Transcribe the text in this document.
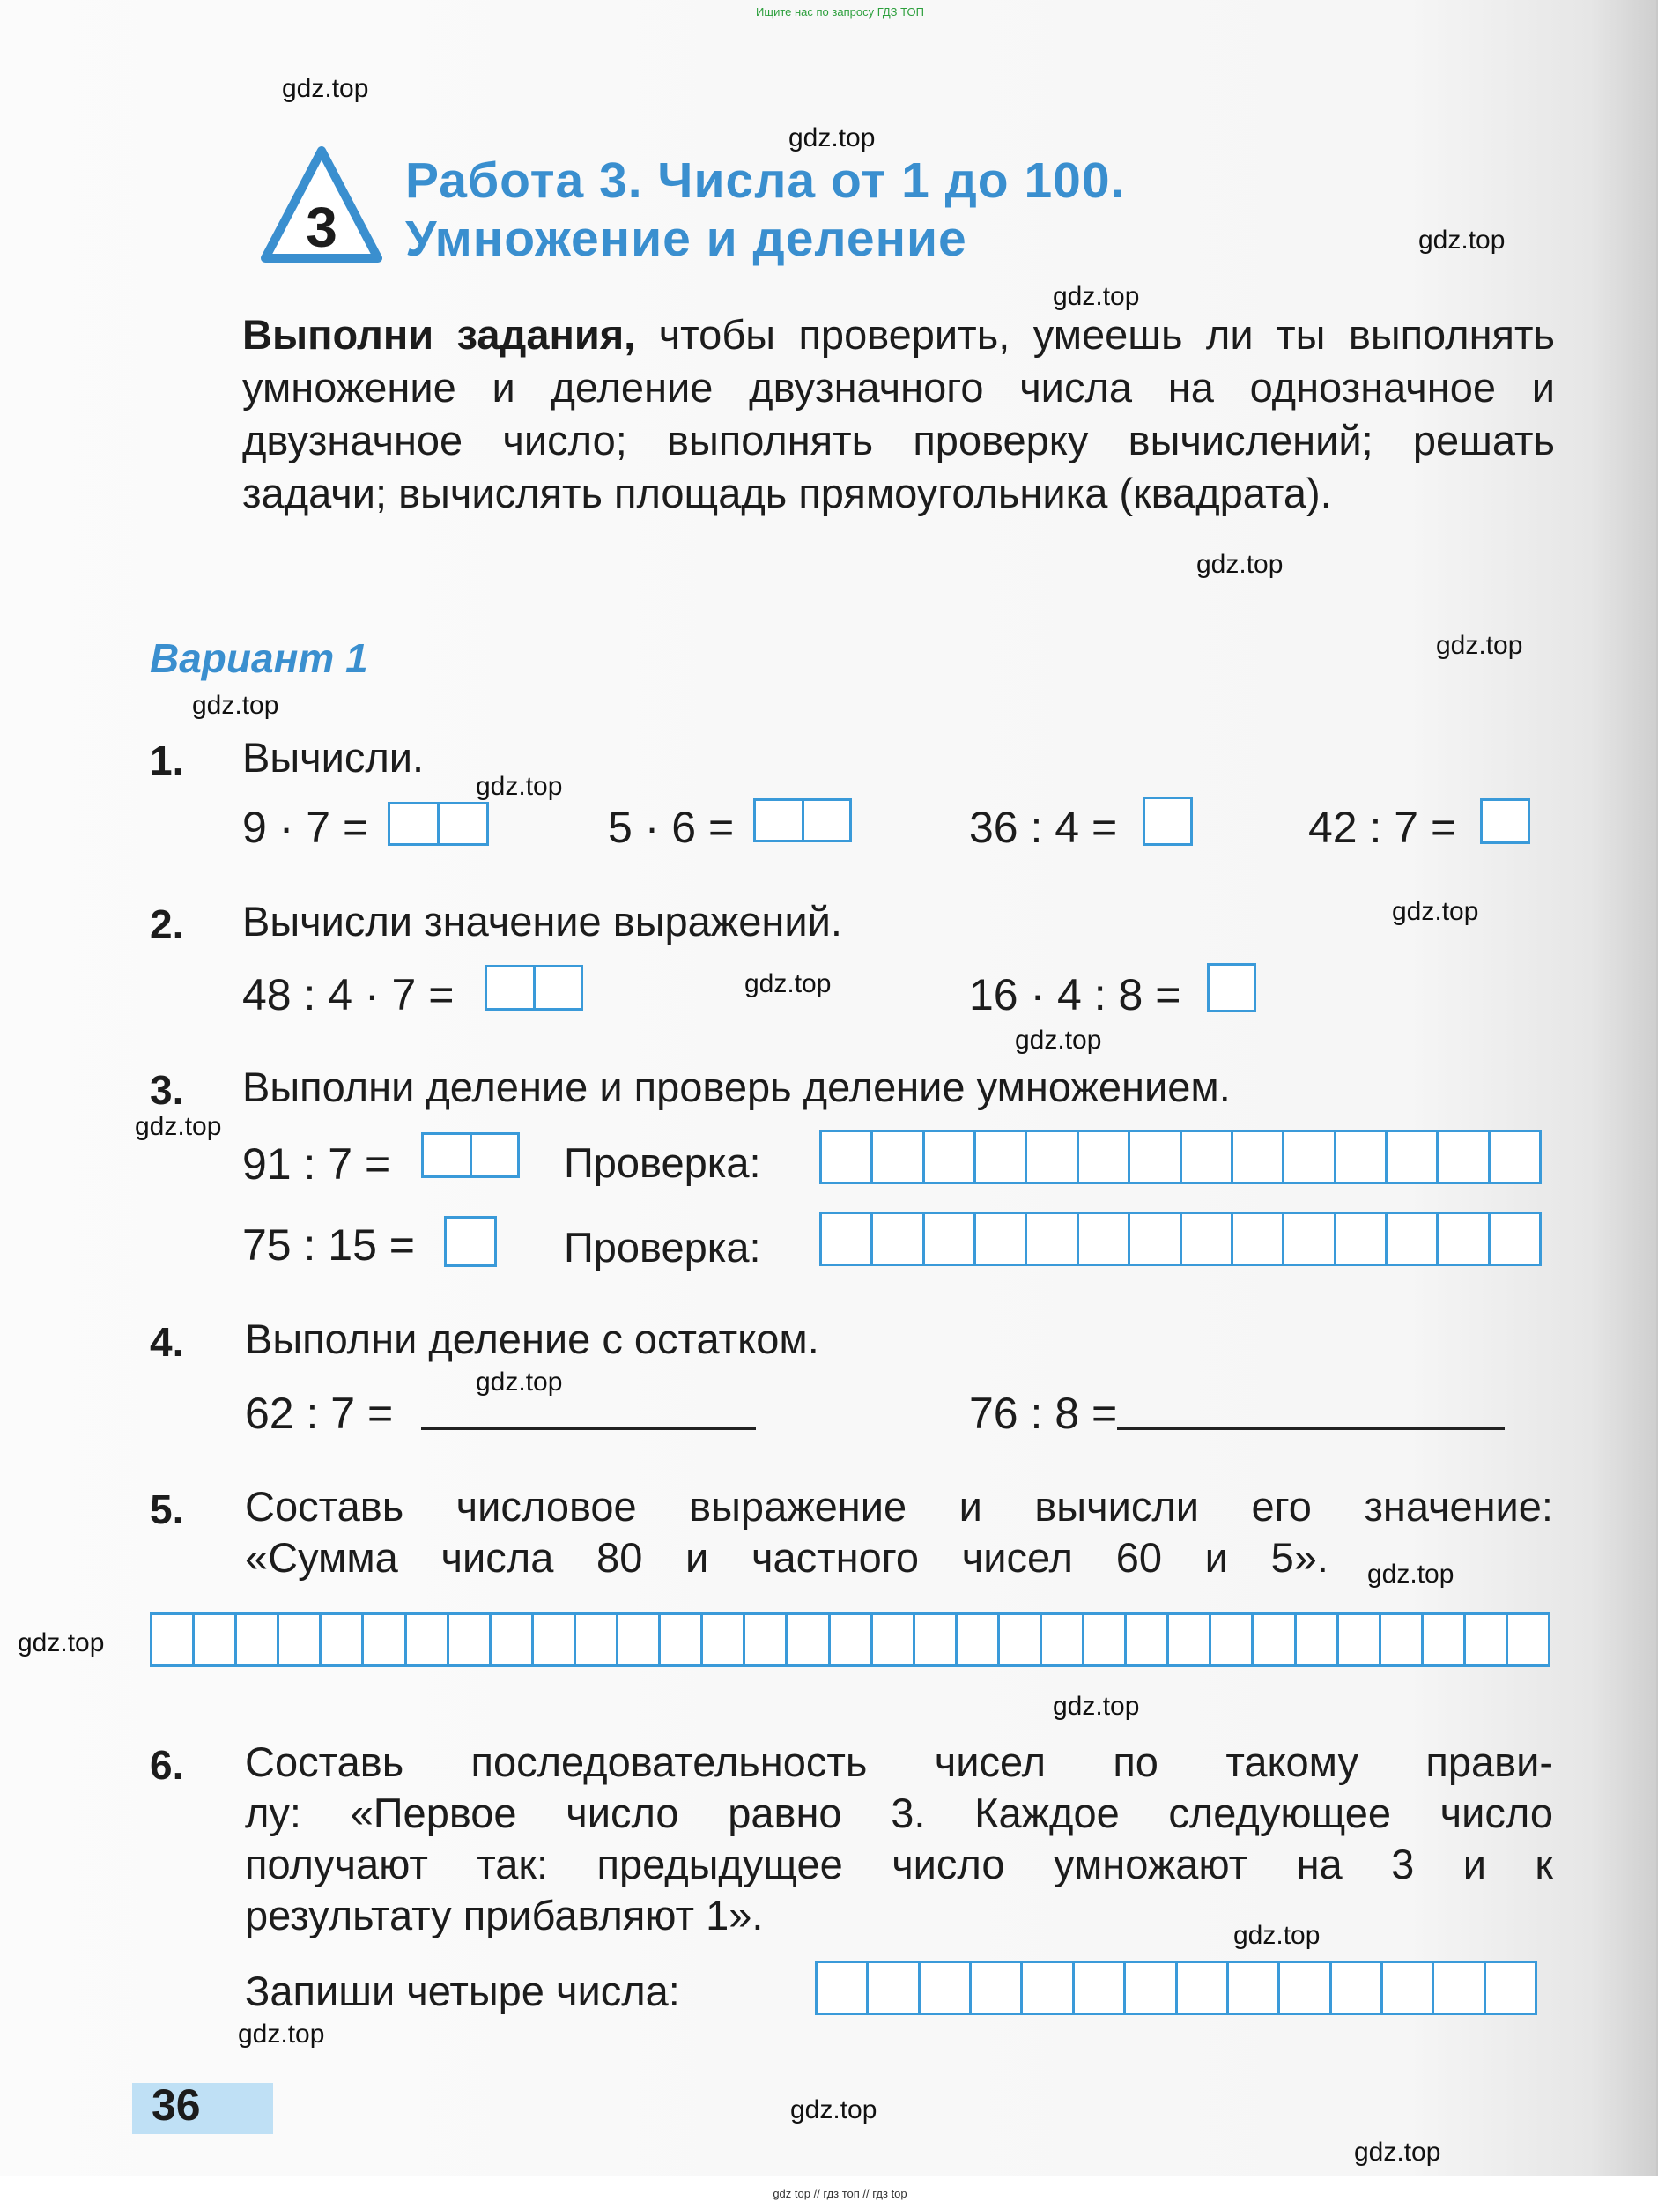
Ищите нас по запросу ГДЗ ТОП
3
Работа 3. Числа от 1 до 100.
Умножение и деление
Выполни задания, чтобы проверить, умеешь ли ты выполнять умножение и деление двузначного числа на однозначное и двузначное число; выполнять проверку вычислений; решать задачи; вычислять площадь прямоугольника (квадрата).
Вариант 1
1. Вычисли.
9 · 7 =	5 · 6 =	36 : 4 =	42 : 7 =
2. Вычисли значение выражений.
48 : 4 · 7 =	16 · 4 : 8 =
3. Выполни деление и проверь деление умножением.
91 : 7 =	Проверка:
75 : 15 =	Проверка:
4. Выполни деление с остатком.
62 : 7 =	76 : 8 =
5. Составь числовое выражение и вычисли его значение:
«Сумма числа 80 и частного чисел 60 и 5».
6. Составь последовательность чисел по такому прави-
лу: «Первое число равно 3. Каждое следующее число
получают так: предыдущее число умножают на 3 и к
результату прибавляют 1».
Запиши четыре числа:
36
gdz.top
gdz.top
gdz.top
gdz.top
gdz.top
gdz.top
gdz.top
gdz.top
gdz.top
gdz.top
gdz.top
gdz.top
gdz.top
gdz.top
gdz.top
gdz.top
gdz.top
gdz.top
gdz.top
gdz.top
gdz top // гдз топ // гдз top
